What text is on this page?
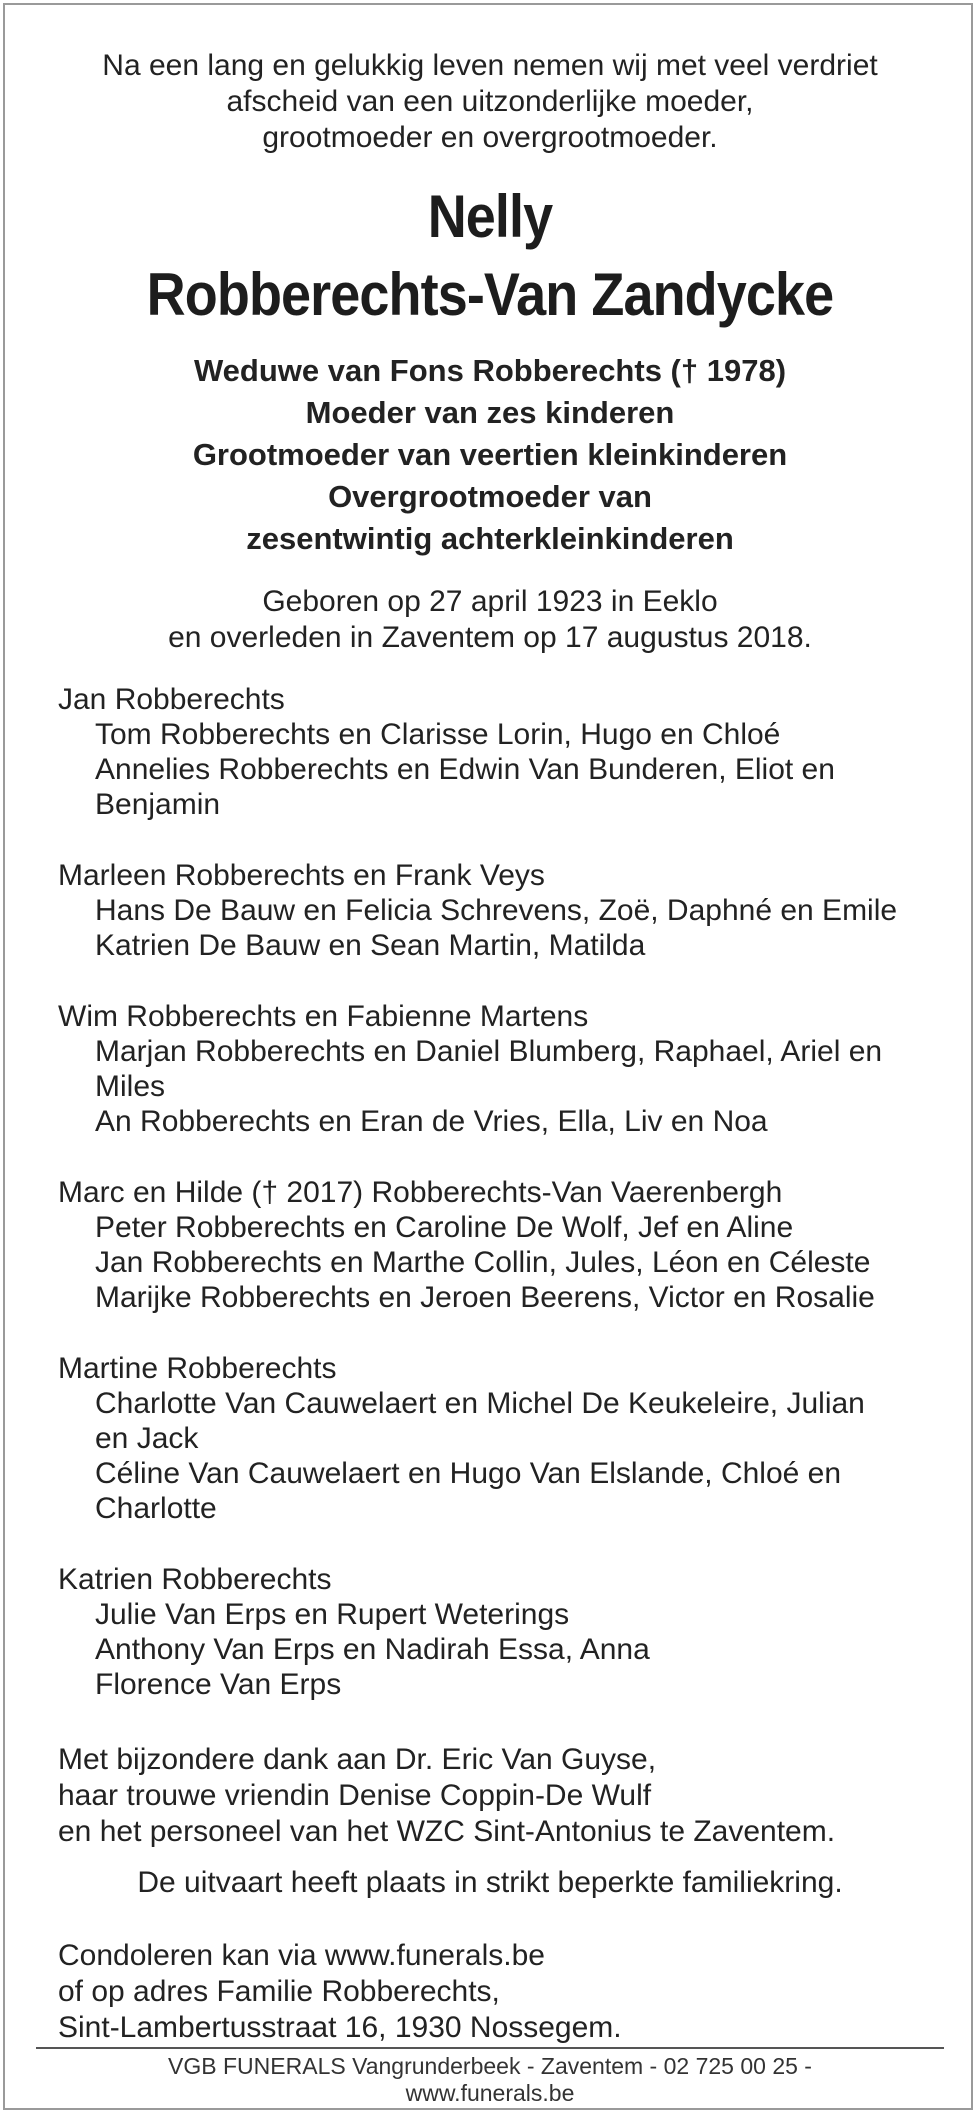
Na een lang en gelukkig leven nemen wij met veel verdriet
afscheid van een uitzonderlijke moeder,
grootmoeder en overgrootmoeder.
Nelly
Robberechts-Van Zandycke
Weduwe van Fons Robberechts († 1978)
Moeder van zes kinderen
Grootmoeder van veertien kleinkinderen
Overgrootmoeder van
zesentwintig achterkleinkinderen
Geboren op 27 april 1923 in Eeklo
en overleden in Zaventem op 17 augustus 2018.
Jan Robberechts
Tom Robberechts en Clarisse Lorin, Hugo en Chloé
Annelies Robberechts en Edwin Van Bunderen, Eliot en
Benjamin
Marleen Robberechts en Frank Veys
Hans De Bauw en Felicia Schrevens, Zoë, Daphné en Emile
Katrien De Bauw en Sean Martin, Matilda
Wim Robberechts en Fabienne Martens
Marjan Robberechts en Daniel Blumberg, Raphael, Ariel en
Miles
An Robberechts en Eran de Vries, Ella, Liv en Noa
Marc en Hilde († 2017) Robberechts-Van Vaerenbergh
Peter Robberechts en Caroline De Wolf, Jef en Aline
Jan Robberechts en Marthe Collin, Jules, Léon en Céleste
Marijke Robberechts en Jeroen Beerens, Victor en Rosalie
Martine Robberechts
Charlotte Van Cauwelaert en Michel De Keukeleire, Julian
en Jack
Céline Van Cauwelaert en Hugo Van Elslande, Chloé en
Charlotte
Katrien Robberechts
Julie Van Erps en Rupert Weterings
Anthony Van Erps en Nadirah Essa, Anna
Florence Van Erps
Met bijzondere dank aan Dr. Eric Van Guyse,
haar trouwe vriendin Denise Coppin-De Wulf
en het personeel van het WZC Sint-Antonius te Zaventem.
De uitvaart heeft plaats in strikt beperkte familiekring.
Condoleren kan via www.funerals.be
of op adres Familie Robberechts,
Sint-Lambertusstraat 16, 1930 Nossegem.
VGB FUNERALS Vangrunderbeek - Zaventem - 02 725 00 25 -
www.funerals.be
